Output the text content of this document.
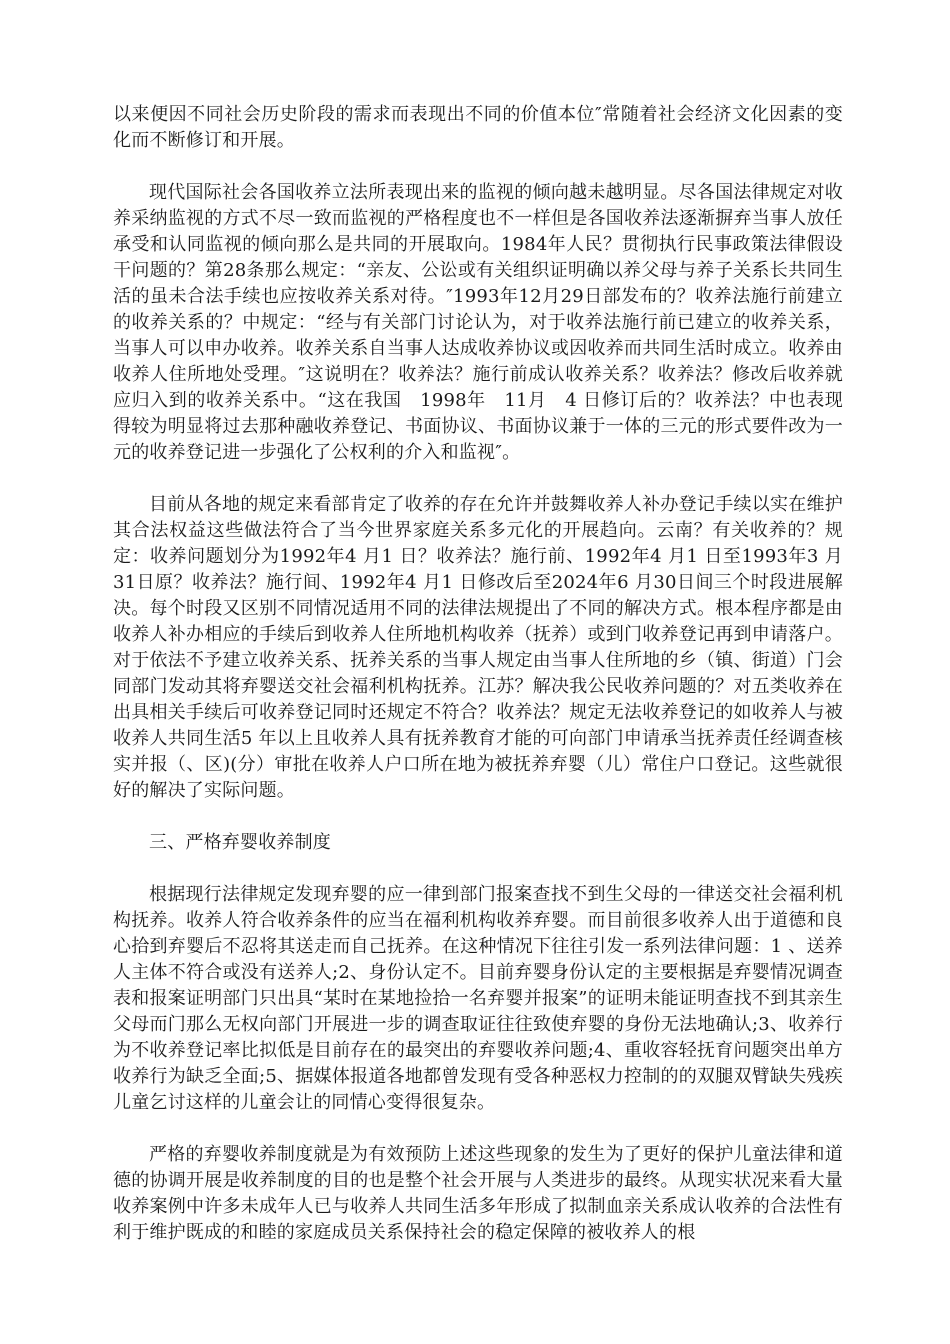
以来便因不同社会历史阶段的需求而表现出不同的价值本位″常随着社会经济文化因素的变化而不断修订和开展。

现代国际社会各国收养立法所表现出来的监视的倾向越未越明显。尽各国法律规定对收养采纳监视的方式不尽一致而监视的严格程度也不一样但是各国收养法逐渐摒弃当事人放任承受和认同监视的倾向那么是共同的开展取向。1984年人民？贯彻执行民事政策法律假设干问题的？第28条那么规定：“亲友、公讼或有关组织证明确以养父母与养子关系长共同生活的虽未合法手续也应按收养关系对待。″1993年12月29日部发布的？收养法施行前建立的收养关系的？中规定：“经与有关部门讨论认为，对于收养法施行前已建立的收养关系，当事人可以申办收养。收养关系自当事人达成收养协议或因收养而共同生活时成立。收养由收养人住所地处受理。″这说明在？收养法？施行前成认收养关系？收养法？修改后收养就应归入到的收养关系中。“这在我国　1998年　11月　4 日修订后的？收养法？中也表现得较为明显将过去那种融收养登记、书面协议、书面协议兼于一体的三元的形式要件改为一元的收养登记进一步强化了公权利的介入和监视″。

目前从各地的规定来看部肯定了收养的存在允许并鼓舞收养人补办登记手续以实在维护其合法权益这些做法符合了当今世界家庭关系多元化的开展趋向。云南？有关收养的？规定：收养问题划分为1992年4 月1 日？收养法？施行前、1992年4 月1 日至1993年3 月31日原？收养法？施行间、1992年4 月1 日修改后至2024年6 月30日间三个时段进展解决。每个时段又区别不同情况适用不同的法律法规提出了不同的解决方式。根本程序都是由收养人补办相应的手续后到收养人住所地机构收养（抚养）或到门收养登记再到申请落户。对于依法不予建立收养关系、抚养关系的当事人规定由当事人住所地的乡（镇、街道）门会同部门发动其将弃婴送交社会福利机构抚养。江苏？解决我公民收养问题的？对五类收养在出具相关手续后可收养登记同时还规定不符合？收养法？规定无法收养登记的如收养人与被收养人共同生活5 年以上且收养人具有抚养教育才能的可向部门申请承当抚养责任经调查核实并报（、区)(分）审批在收养人户口所在地为被抚养弃婴（儿）常住户口登记。这些就很好的解决了实际问题。

三、严格弃婴收养制度

根据现行法律规定发现弃婴的应一律到部门报案查找不到生父母的一律送交社会福利机构抚养。收养人符合收养条件的应当在福利机构收养弃婴。而目前很多收养人出于道德和良心拾到弃婴后不忍将其送走而自己抚养。在这种情况下往往引发一系列法律问题：1 、送养人主体不符合或没有送养人;2、身份认定不。目前弃婴身份认定的主要根据是弃婴情况调查表和报案证明部门只出具“某时在某地捡拾一名弃婴并报案”的证明未能证明查找不到其亲生父母而门那么无权向部门开展进一步的调查取证往往致使弃婴的身份无法地确认;3、收养行为不收养登记率比拟低是目前存在的最突出的弃婴收养问题;4、重收容轻抚育问题突出单方收养行为缺乏全面;5、据媒体报道各地都曾发现有受各种恶权力控制的的双腿双臂缺失残疾儿童乞讨这样的儿童会让的同情心变得很复杂。

严格的弃婴收养制度就是为有效预防上述这些现象的发生为了更好的保护儿童法律和道德的协调开展是收养制度的目的也是整个社会开展与人类进步的最终。从现实状况来看大量收养案例中许多未成年人已与收养人共同生活多年形成了拟制血亲关系成认收养的合法性有利于维护既成的和睦的家庭成员关系保持社会的稳定保障的被收养人的根
